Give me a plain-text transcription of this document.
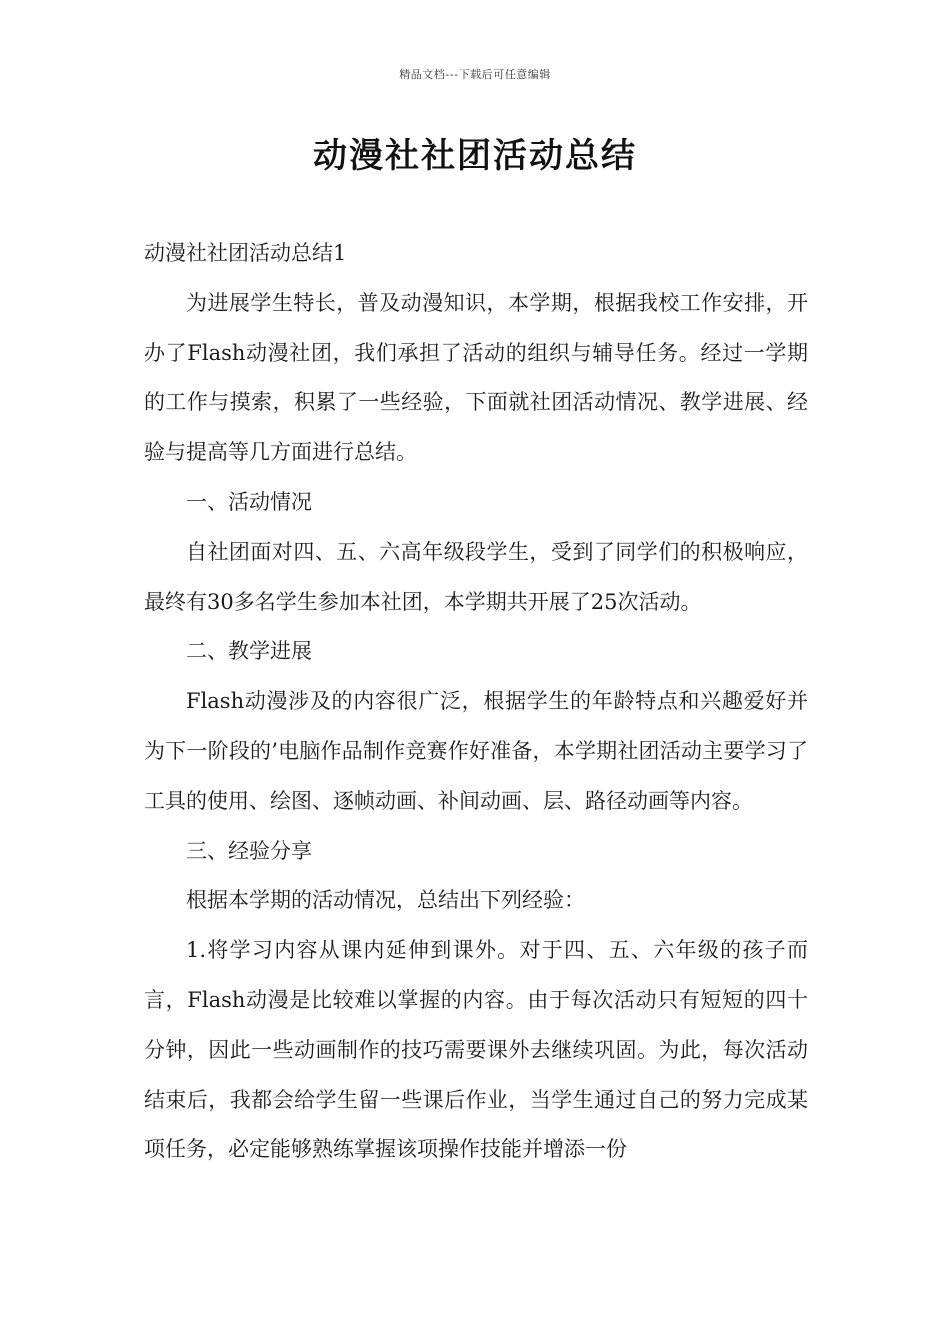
精品文档---下载后可任意编辑
动漫社社团活动总结

动漫社社团活动总结1

为进展学生特长，普及动漫知识，本学期，根据我校工作安排，开办了Flash动漫社团，我们承担了活动的组织与辅导任务。经过一学期的工作与摸索，积累了一些经验，下面就社团活动情况、教学进展、经验与提高等几方面进行总结。

一、活动情况

自社团面对四、五、六高年级段学生，受到了同学们的积极响应，最终有30多名学生参加本社团，本学期共开展了25次活动。

二、教学进展

Flash动漫涉及的内容很广泛，根据学生的年龄特点和兴趣爱好并为下一阶段的’电脑作品制作竞赛作好准备，本学期社团活动主要学习了工具的使用、绘图、逐帧动画、补间动画、层、路径动画等内容。

三、经验分享

根据本学期的活动情况，总结出下列经验：

1.将学习内容从课内延伸到课外。对于四、五、六年级的孩子而言，Flash动漫是比较难以掌握的内容。由于每次活动只有短短的四十分钟，因此一些动画制作的技巧需要课外去继续巩固。为此，每次活动结束后，我都会给学生留一些课后作业，当学生通过自己的努力完成某项任务，必定能够熟练掌握该项操作技能并增添一份
